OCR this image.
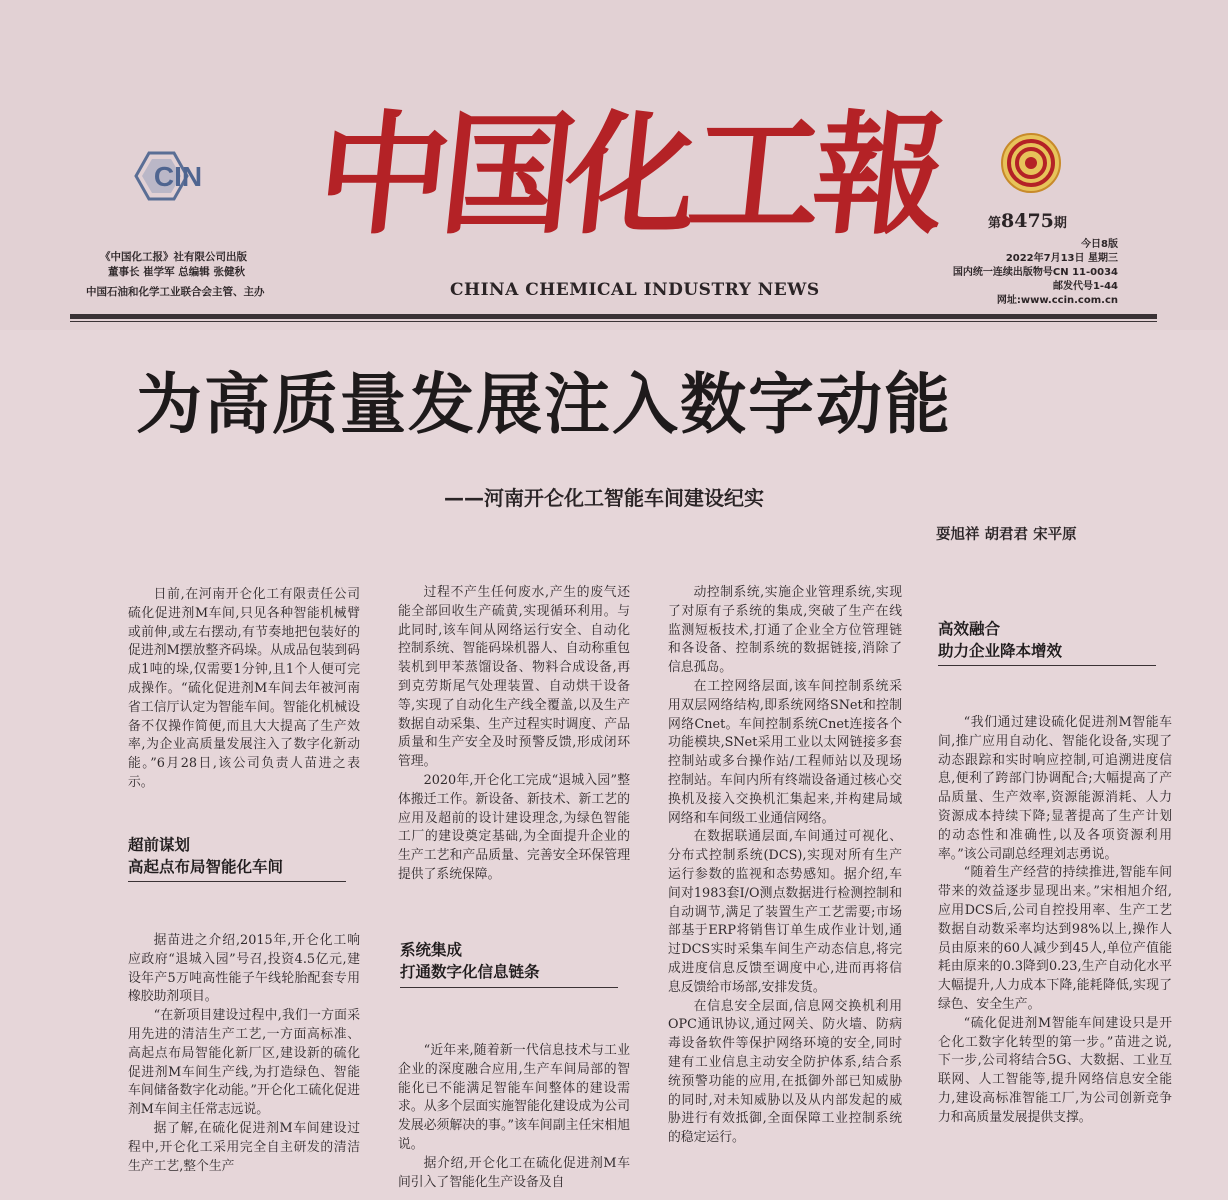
CIN 中国化工報
CHINA CHEMICAL INDUSTRY NEWS
《中国化工报》社有限公司出版
董事长 崔学军 总编辑 张健秋
中国石油和化学工业联合会主管、主办
第8475期
今日8版
2022年7月13日 星期三
国内统一连续出版物号CN 11-0034
邮发代号1-44
网址:www.ccin.com.cn
为高质量发展注入数字动能
——河南开仑化工智能车间建设纪实
耍旭祥 胡君君 宋平原

日前,在河南开仑化工有限责任公司硫化促进剂M车间,只见各种智能机械臂或前伸,或左右摆动,有节奏地把包装好的促进剂M摆放整齐码垛。从成品包装到码成1吨的垛,仅需要1分钟,且1个人便可完成操作。“硫化促进剂M车间去年被河南省工信厅认定为智能车间。智能化机械设备不仅操作简便,而且大大提高了生产效率,为企业高质量发展注入了数字化新动能。”6月28日,该公司负责人苗进之表示。

超前谋划
高起点布局智能化车间

据苗进之介绍,2015年,开仑化工响应政府“退城入园”号召,投资4.5亿元,建设年产5万吨高性能子午线轮胎配套专用橡胶助剂项目。

“在新项目建设过程中,我们一方面采用先进的清洁生产工艺,一方面高标准、高起点布局智能化新厂区,建设新的硫化促进剂M车间生产线,为打造绿色、智能车间储备数字化动能。”开仑化工硫化促进剂M车间主任常志远说。

据了解,在硫化促进剂M车间建设过程中,开仑化工采用完全自主研发的清洁生产工艺,整个生产

过程不产生任何废水,产生的废气还能全部回收生产硫黄,实现循环利用。与此同时,该车间从网络运行安全、自动化控制系统、智能码垛机器人、自动称重包装机到甲苯蒸馏设备、物料合成设备,再到克劳斯尾气处理装置、自动烘干设备等,实现了自动化生产线全覆盖,以及生产数据自动采集、生产过程实时调度、产品质量和生产安全及时预警反馈,形成闭环管理。

2020年,开仑化工完成“退城入园”整体搬迁工作。新设备、新技术、新工艺的应用及超前的设计建设理念,为绿色智能工厂的建设奠定基础,为全面提升企业的生产工艺和产品质量、完善安全环保管理提供了系统保障。

系统集成
打通数字化信息链条

“近年来,随着新一代信息技术与工业企业的深度融合应用,生产车间局部的智能化已不能满足智能车间整体的建设需求。从多个层面实施智能化建设成为公司发展必须解决的事。”该车间副主任宋相旭说。

据介绍,开仑化工在硫化促进剂M车间引入了智能化生产设备及自

动控制系统,实施企业管理系统,实现了对原有子系统的集成,突破了生产在线监测短板技术,打通了企业全方位管理链和各设备、控制系统的数据链接,消除了信息孤岛。

在工控网络层面,该车间控制系统采用双层网络结构,即系统网络SNet和控制网络Cnet。车间控制系统Cnet连接各个功能模块,SNet采用工业以太网链接多套控制站或多台操作站/工程师站以及现场控制站。车间内所有终端设备通过核心交换机及接入交换机汇集起来,并构建局域网络和车间级工业通信网络。

在数据联通层面,车间通过可视化、分布式控制系统(DCS),实现对所有生产运行参数的监视和态势感知。据介绍,车间对1983套I/O测点数据进行检测控制和自动调节,满足了装置生产工艺需要;市场部基于ERP将销售订单生成作业计划,通过DCS实时采集车间生产动态信息,将完成进度信息反馈至调度中心,进而再将信息反馈给市场部,安排发货。

在信息安全层面,信息网交换机利用OPC通讯协议,通过网关、防火墙、防病毒设备软件等保护网络环境的安全,同时建有工业信息主动安全防护体系,结合系统预警功能的应用,在抵御外部已知威胁的同时,对未知威胁以及从内部发起的威胁进行有效抵御,全面保障工业控制系统的稳定运行。

高效融合
助力企业降本增效

“我们通过建设硫化促进剂M智能车间,推广应用自动化、智能化设备,实现了动态跟踪和实时响应控制,可追溯进度信息,便利了跨部门协调配合;大幅提高了产品质量、生产效率,资源能源消耗、人力资源成本持续下降;显著提高了生产计划的动态性和准确性,以及各项资源利用率。”该公司副总经理刘志勇说。

“随着生产经营的持续推进,智能车间带来的效益逐步显现出来。”宋相旭介绍,应用DCS后,公司自控投用率、生产工艺数据自动数采率均达到98%以上,操作人员由原来的60人减少到45人,单位产值能耗由原来的0.3降到0.23,生产自动化水平大幅提升,人力成本下降,能耗降低,实现了绿色、安全生产。

“硫化促进剂M智能车间建设只是开仑化工数字化转型的第一步。”苗进之说,下一步,公司将结合5G、大数据、工业互联网、人工智能等,提升网络信息安全能力,建设高标准智能工厂,为公司创新竞争力和高质量发展提供支撑。
